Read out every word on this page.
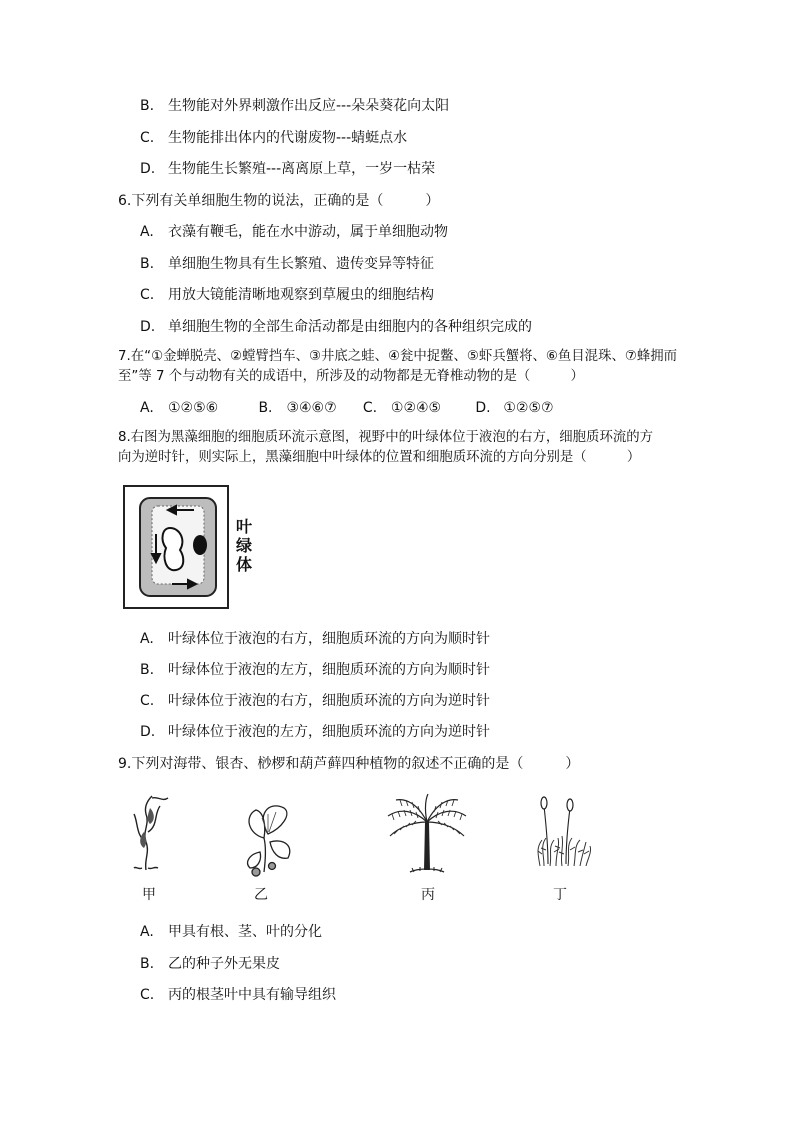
B. 生物能对外界刺激作出反应---朵朵葵花向太阳
C. 生物能排出体内的代谢废物---蜻蜓点水
D. 生物能生长繁殖---离离原上草，一岁一枯荣
6.下列有关单细胞生物的说法，正确的是（　　　）
A. 衣藻有鞭毛，能在水中游动，属于单细胞动物
B. 单细胞生物具有生长繁殖、遗传变异等特征
C. 用放大镜能清晰地观察到草履虫的细胞结构
D. 单细胞生物的全部生命活动都是由细胞内的各种组织完成的
7.在“①金蝉脱壳、②螳臂挡车、③井底之蛙、④瓮中捉鳖、⑤虾兵蟹将、⑥鱼目混珠、⑦蜂拥而
至”等 7 个与动物有关的成语中，所涉及的动物都是无脊椎动物的是（　　　）
A. ①②⑤⑥	B. ③④⑥⑦ C. ①②④⑤ D. ①②⑤⑦
8.右图为黑藻细胞的细胞质环流示意图，视野中的叶绿体位于液泡的右方，细胞质环流的方
向为逆时针，则实际上，黑藻细胞中叶绿体的位置和细胞质环流的方向分别是（　　　）
叶
绿
体
A. 叶绿体位于液泡的右方，细胞质环流的方向为顺时针
B. 叶绿体位于液泡的左方，细胞质环流的方向为顺时针
C. 叶绿体位于液泡的右方，细胞质环流的方向为逆时针
D. 叶绿体位于液泡的左方，细胞质环流的方向为逆时针
9.下列对海带、银杏、桫椤和葫芦藓四种植物的叙述不正确的是（　　　）
甲	乙	丙	丁
A. 甲具有根、茎、叶的分化
B. 乙的种子外无果皮
C. 丙的根茎叶中具有输导组织
